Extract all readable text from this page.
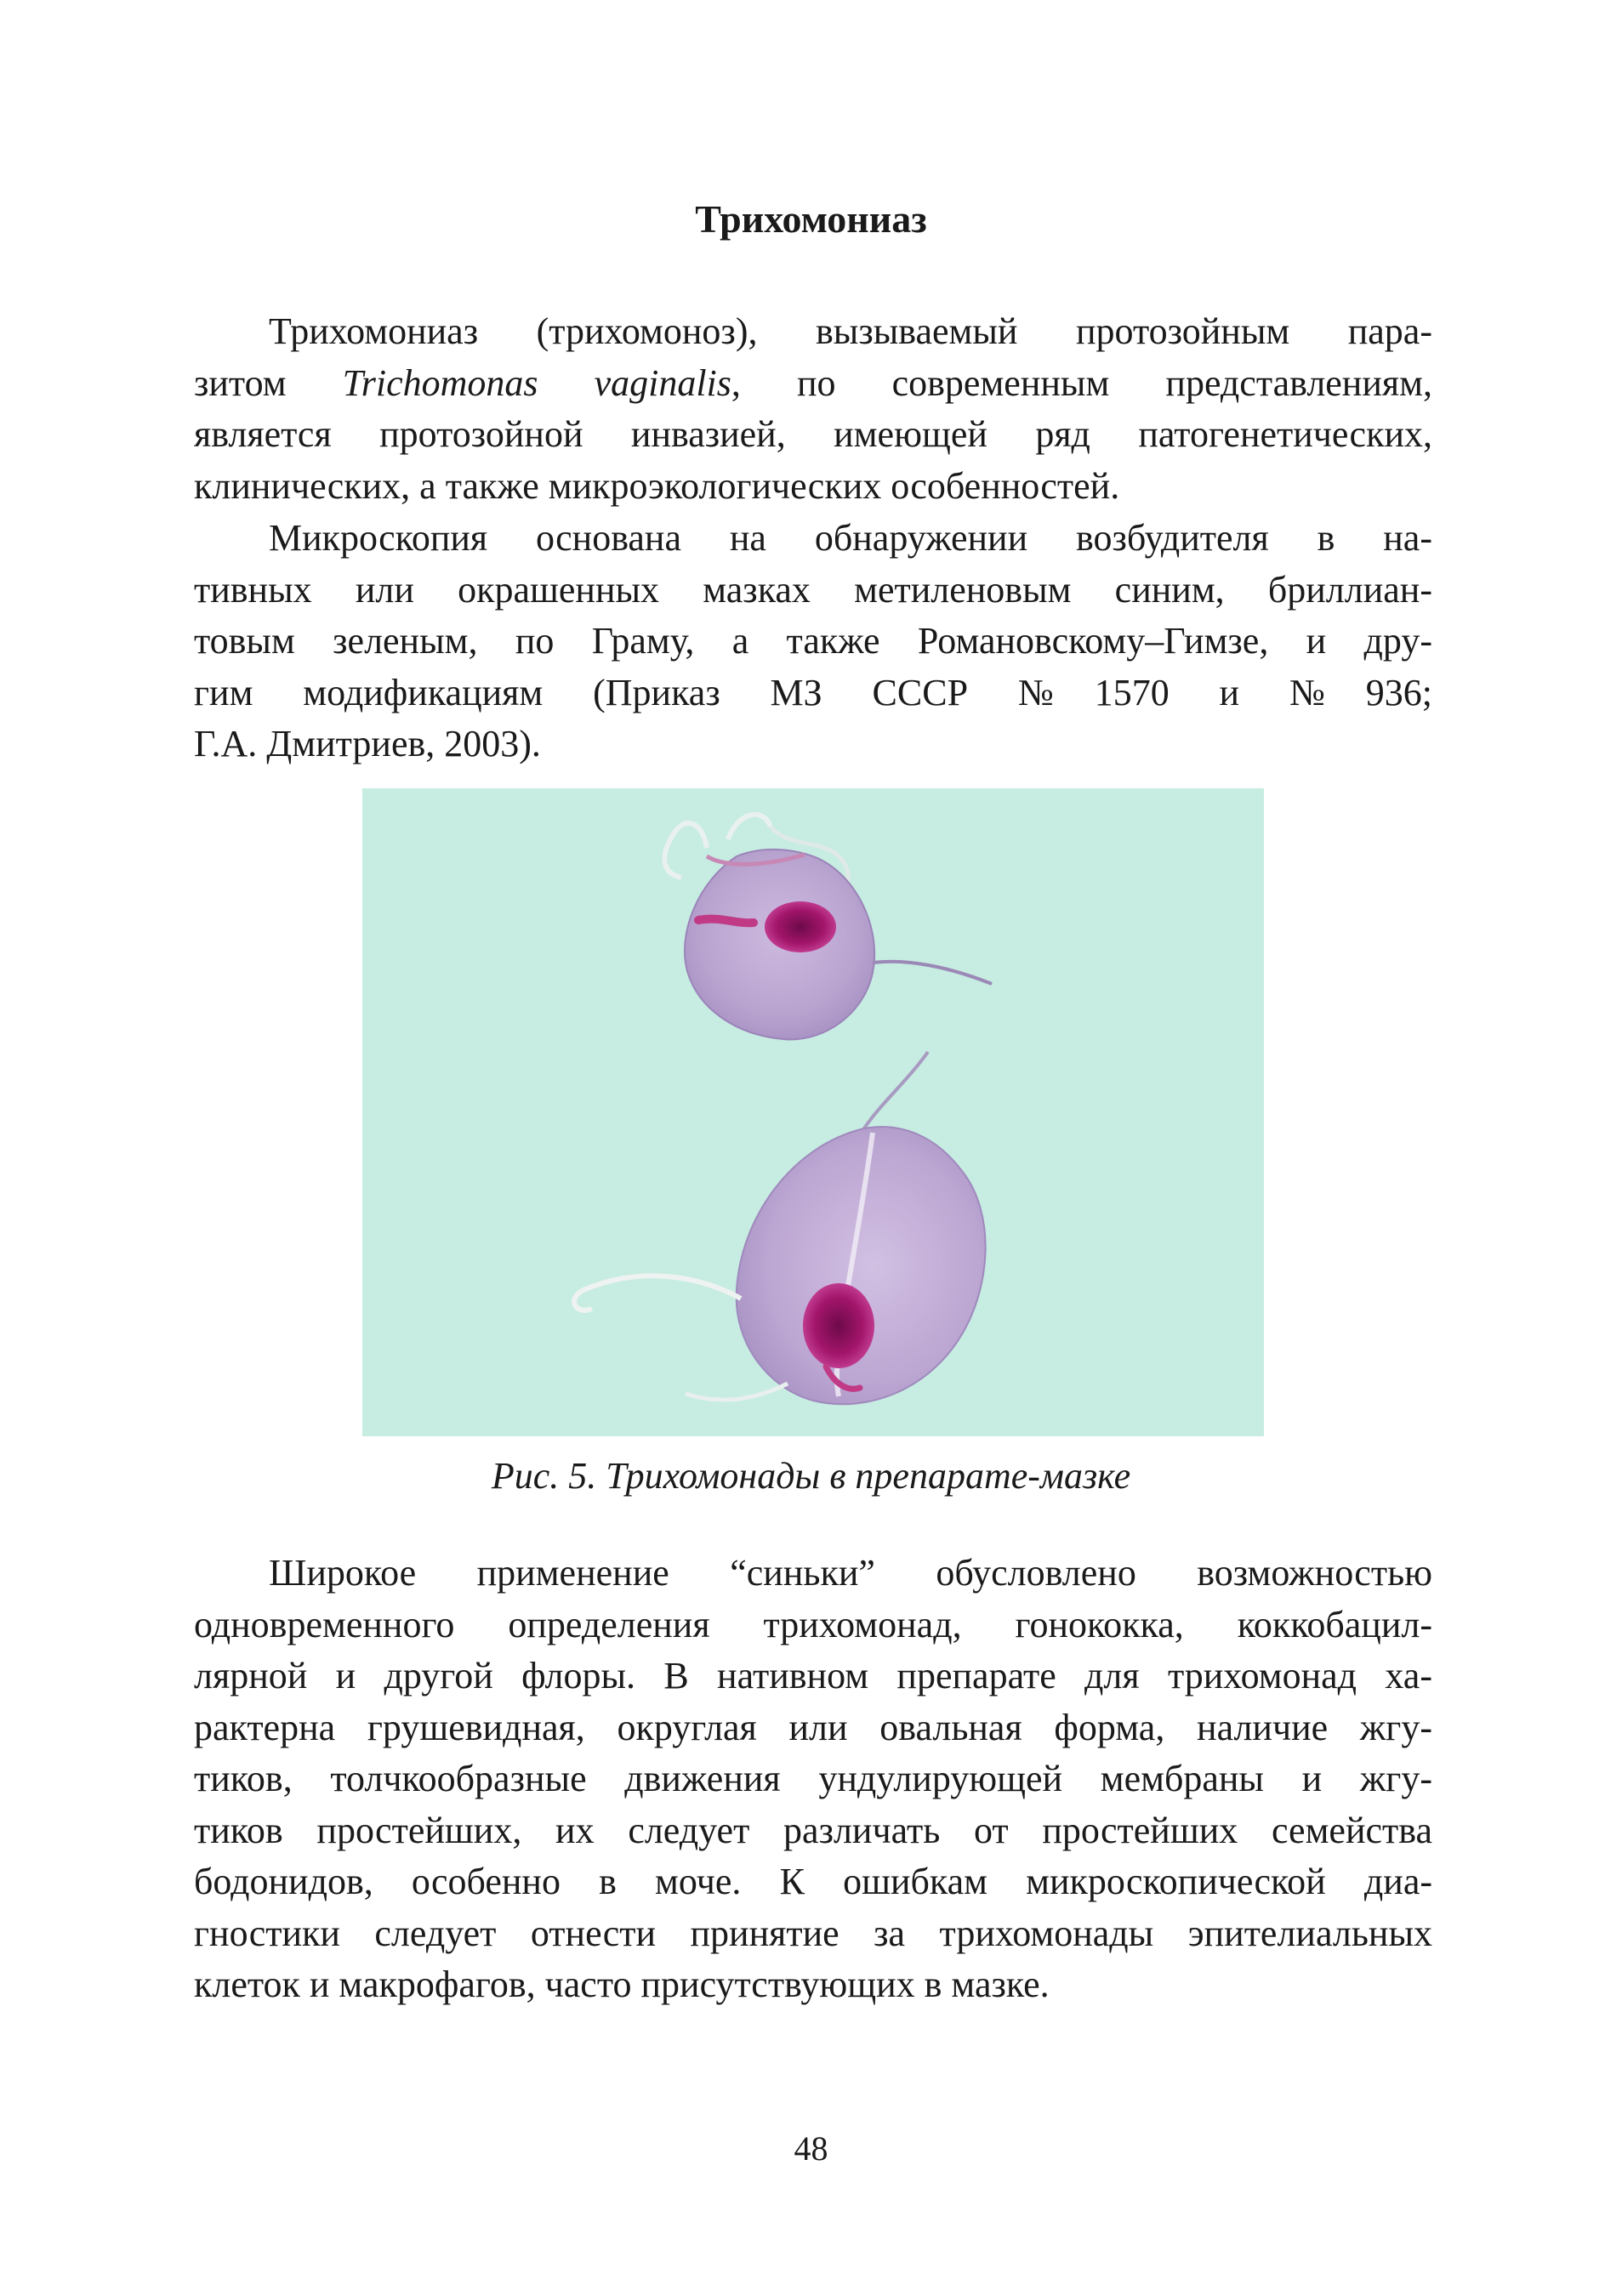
Трихомониаз
Трихомониаз (трихомоноз), вызываемый протозойным пара-
зитом Trichomonas vaginalis, по современным представлениям,
является протозойной инвазией, имеющей ряд патогенетических,
клинических, а также микроэкологических особенностей.
Микроскопия основана на обнаружении возбудителя в на-
тивных или окрашенных мазках метиленовым синим, бриллиан-
товым зеленым, по Граму, а также Романовскому–Гимзе, и дру-
гим модификациям (Приказ МЗ СССР №1570 и №936;
Г.А. Дмитриев, 2003).
Рис. 5. Трихомонады в препарате-мазке
Широкое применение “синьки” обусловлено возможностью
одновременного определения трихомонад, гонококка, коккобацил-
лярной и другой флоры. В нативном препарате для трихомонад ха-
рактерна грушевидная, округлая или овальная форма, наличие жгу-
тиков, толчкообразные движения ундулирующей мембраны и жгу-
тиков простейших, их следует различать от простейших семейства
бодонидов, особенно в моче. К ошибкам микроскопической диа-
гностики следует отнести принятие за трихомонады эпителиальных
клеток и макрофагов, часто присутствующих в мазке.
48
